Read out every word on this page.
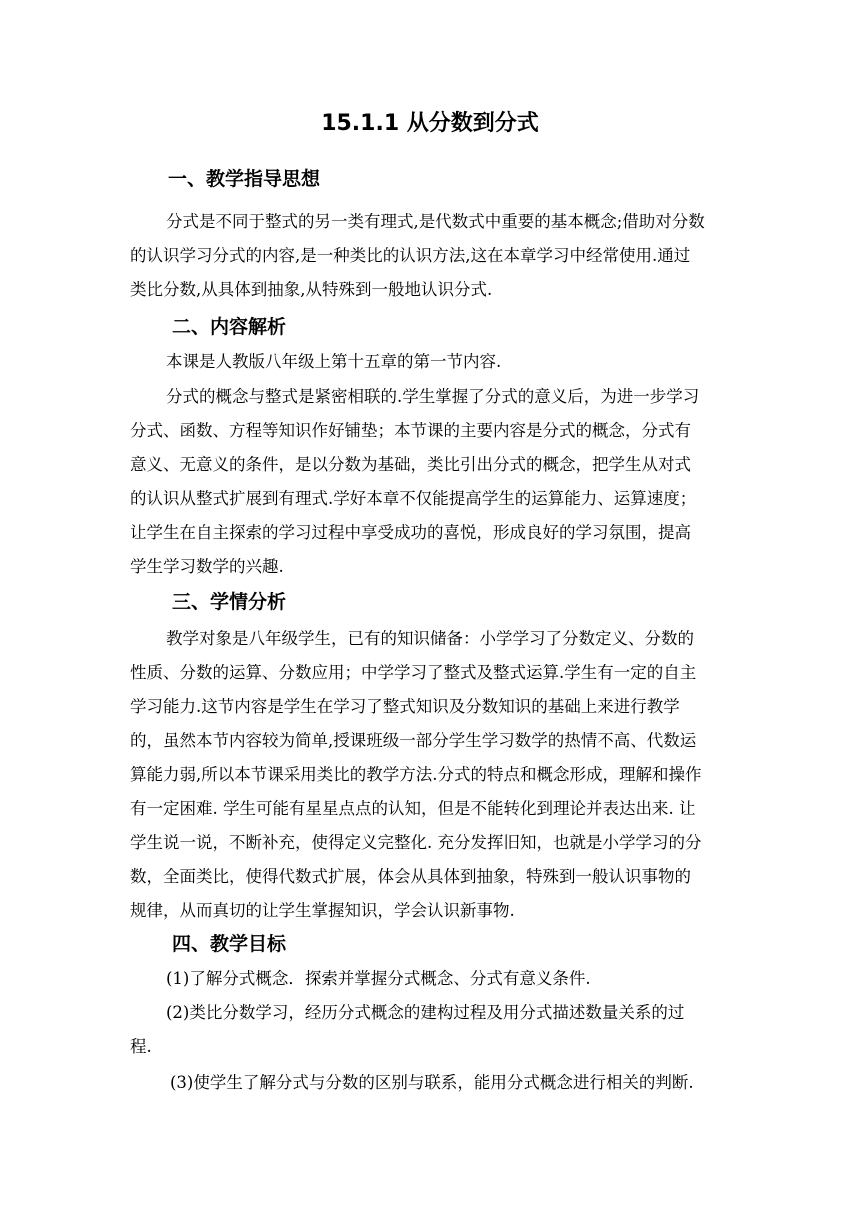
15.1.1 从分数到分式
一、教学指导思想
分式是不同于整式的另一类有理式,是代数式中重要的基本概念;借助对分数
的认识学习分式的内容,是一种类比的认识方法,这在本章学习中经常使用.通过
类比分数,从具体到抽象,从特殊到一般地认识分式.
二、内容解析
本课是人教版八年级上第十五章的第一节内容.
分式的概念与整式是紧密相联的.学生掌握了分式的意义后，为进一步学习
分式、函数、方程等知识作好铺垫；本节课的主要内容是分式的概念，分式有
意义、无意义的条件，是以分数为基础，类比引出分式的概念，把学生从对式
的认识从整式扩展到有理式.学好本章不仅能提高学生的运算能力、运算速度；
让学生在自主探索的学习过程中享受成功的喜悦，形成良好的学习氛围，提高
学生学习数学的兴趣.
三、学情分析
教学对象是八年级学生，已有的知识储备：小学学习了分数定义、分数的
性质、分数的运算、分数应用；中学学习了整式及整式运算.学生有一定的自主
学习能力.这节内容是学生在学习了整式知识及分数知识的基础上来进行教学
的，虽然本节内容较为简单,授课班级一部分学生学习数学的热情不高、代数运
算能力弱,所以本节课采用类比的教学方法.分式的特点和概念形成，理解和操作
有一定困难. 学生可能有星星点点的认知，但是不能转化到理论并表达出来. 让
学生说一说，不断补充，使得定义完整化. 充分发挥旧知，也就是小学学习的分
数，全面类比，使得代数式扩展，体会从具体到抽象，特殊到一般认识事物的
规律，从而真切的让学生掌握知识，学会认识新事物.
四、教学目标
(1)了解分式概念．探索并掌握分式概念、分式有意义条件.
(2)类比分数学习，经历分式概念的建构过程及用分式描述数量关系的过
程.
(3)使学生了解分式与分数的区别与联系，能用分式概念进行相关的判断.
